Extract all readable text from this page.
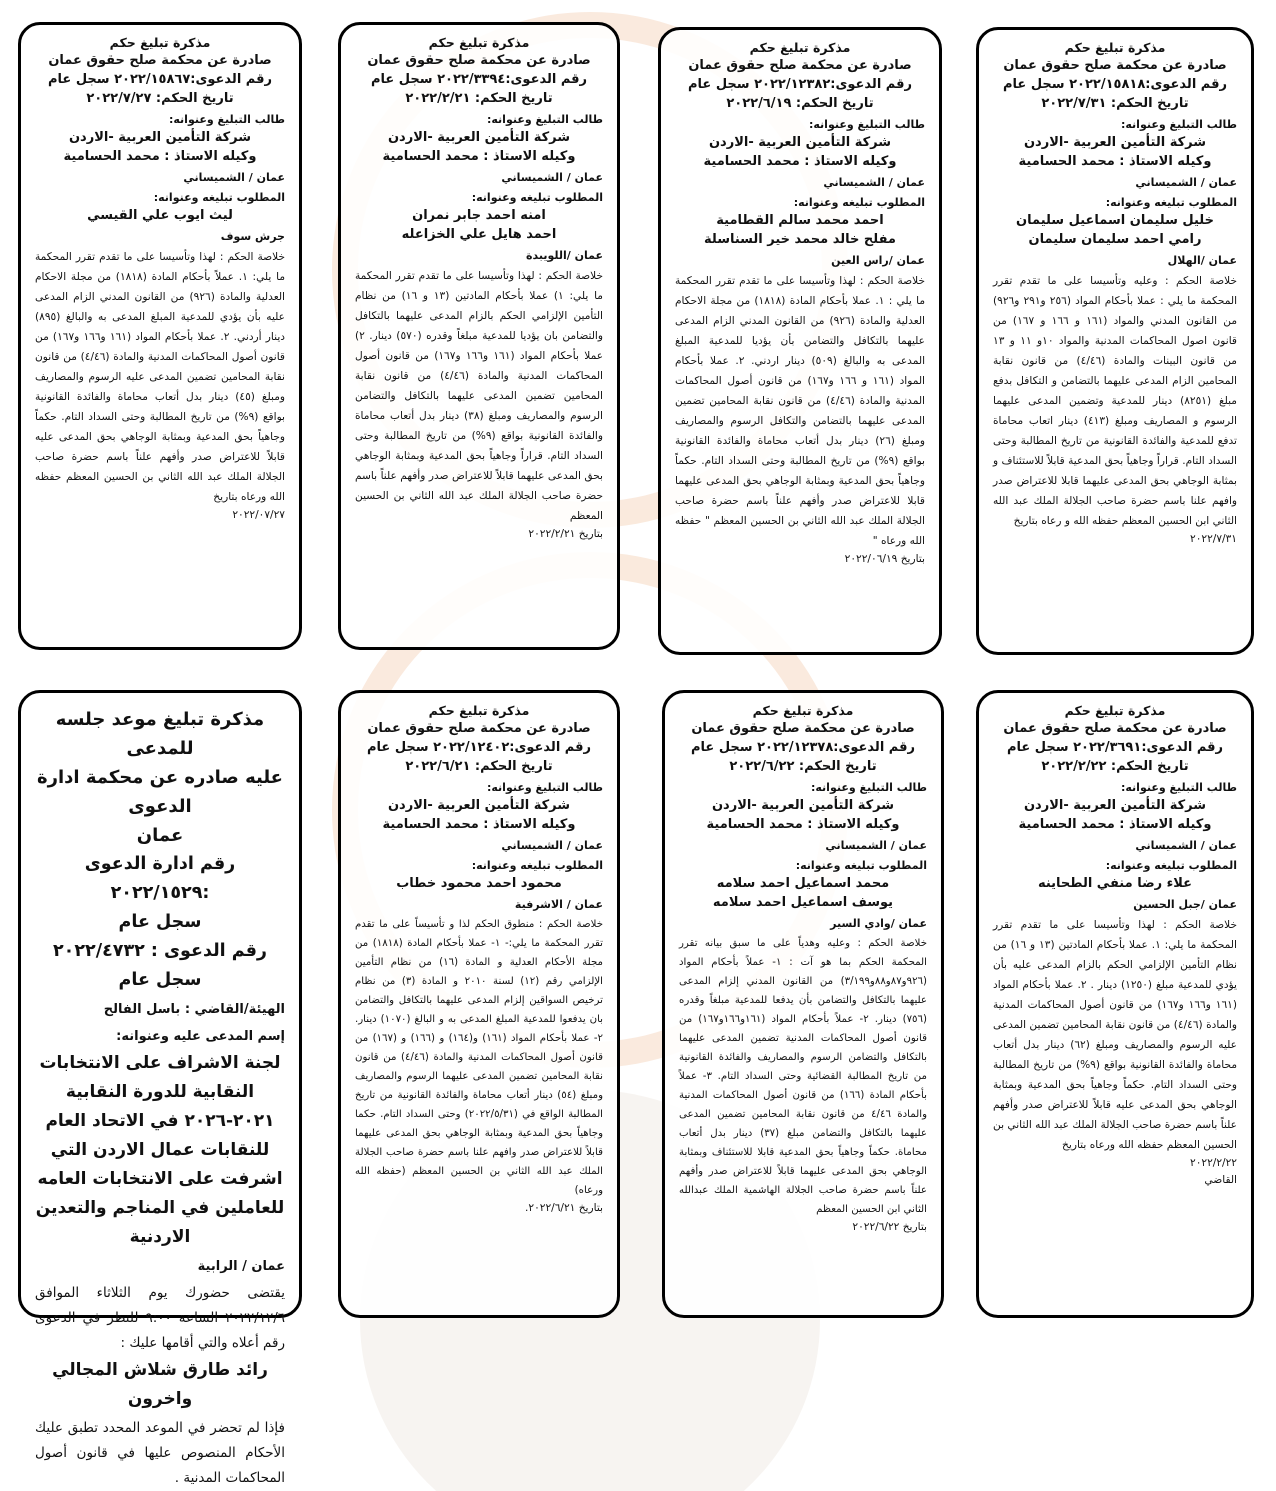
مذكرة تبليغ حكم

صادرة عن محكمة صلح حقوق عمان

رقم الدعوى:٢٠٢٢/١٥٨١٨ سجل عام

تاريخ الحكم: ٢٠٢٢/٧/٣١

طالب التبليغ وعنوانه:

شركة التأمين العربية -الاردن

وكيله الاستاذ : محمد الحسامية

عمان / الشميساني

المطلوب تبليغه وعنوانه:

خليل سليمان اسماعيل سليمان

رامي احمد سليمان سليمان

عمان /الهلال

خلاصة الحكم : وعليه وتأسيسا على ما تقدم تقرر المحكمة ما يلي : عملا بأحكام المواد (٢٥٦ و٢٩١ و٩٢٦) من القانون المدني والمواد (١٦١ و ١٦٦ و ١٦٧) من قانون اصول المحاكمات المدنية والمواد ١٠و ١١ و ١٣ من قانون البينات والمادة (٤/٤٦) من قانون نقابة المحامين الزام المدعى عليهما بالتضامن و التكافل بدفع مبلغ (٨٢٥١) دينار للمدعية وتضمين المدعى عليهما الرسوم و المصاريف ومبلغ (٤١٣) دينار اتعاب محاماة تدفع للمدعية والفائدة القانونية من تاريخ المطالبة وحتى السداد التام. قراراً وجاهياً بحق المدعية قابلاً للاستئناف و بمثابة الوجاهي بحق المدعى عليهما قابلا للاعتراض صدر وافهم علنا باسم حضرة صاحب الجلالة الملك عبد الله الثاني ابن الحسين المعظم حفظه الله و رعاه بتاريخ

٢٠٢٢/٧/٣١

مذكرة تبليغ حكم

صادرة عن محكمة صلح حقوق عمان

رقم الدعوى:٢٠٢٢/١٢٣٨٢ سجل عام

تاريخ الحكم: ٢٠٢٢/٦/١٩

طالب التبليغ وعنوانه:

شركة التأمين العربية -الاردن

وكيله الاستاذ : محمد الحسامية

عمان / الشميساني

المطلوب تبليغه وعنوانه:

احمد محمد سالم القطامية

مفلح خالد محمد خير السناسلة

عمان /راس العين

خلاصة الحكم : لهذا وتأسيسا على ما تقدم تقرر المحكمة ما يلي : ١. عملا بأحكام المادة (١٨١٨) من مجلة الاحكام العدلية والمادة (٩٢٦) من القانون المدني الزام المدعى عليهما بالتكافل والتضامن بأن يؤديا للمدعية المبلغ المدعى به والبالغ (٥٠٩) دينار اردني. ٢. عملا بأحكام المواد (١٦١ و ١٦٦ و١٦٧) من قانون أصول المحاكمات المدنية والمادة (٤/٤٦) من قانون نقابة المحامين تضمين المدعى عليهما بالتضامن والتكافل الرسوم والمصاريف ومبلغ (٢٦) دينار بدل أتعاب محاماة والفائدة القانونية بواقع (٩%) من تاريخ المطالبة وحتى السداد التام. حكماً وجاهياً بحق المدعية وبمثابة الوجاهي بحق المدعى عليهما قابلا للاعتراض صدر وأفهم علناً باسم حضرة صاحب الجلالة الملك عبد الله الثاني بن الحسين المعظم " حفظه الله ورعاه "

بتاريخ ٢٠٢٢/٠٦/١٩

مذكرة تبليغ حكم

صادرة عن محكمة صلح حقوق عمان

رقم الدعوى:٢٠٢٢/٣٣٩٤ سجل عام

تاريخ الحكم: ٢٠٢٢/٢/٢١

طالب التبليغ وعنوانه:

شركة التأمين العربية -الاردن

وكيله الاستاذ : محمد الحسامية

عمان / الشميساني

المطلوب تبليغه وعنوانه:

امنه احمد جابر نمران

احمد هايل علي الخزاعله

عمان /اللويبدة

خلاصة الحكم : لهذا وتأسيسا على ما تقدم تقرر المحكمة ما يلي: ١) عملا بأحكام المادتين (١٣ و ١٦) من نظام التأمين الإلزامي الحكم بالزام المدعى عليهما بالتكافل والتضامن بان يؤديا للمدعية مبلغاً وقدره (٥٧٠) دينار. ٢) عملا بأحكام المواد (١٦١ و١٦٦ و١٦٧) من قانون أصول المحاكمات المدنية والمادة (٤/٤٦) من قانون نقابة المحامين تضمين المدعى عليهما بالتكافل والتضامن الرسوم والمصاريف ومبلغ (٣٨) دينار بدل أتعاب محاماة والفائدة القانونية بواقع (٩%) من تاريخ المطالبة وحتى السداد التام. قراراً وجاهياً بحق المدعية وبمثابة الوجاهي بحق المدعى عليهما قابلاً للاعتراض صدر وأفهم علناً باسم حضرة صاحب الجلالة الملك عبد الله الثاني بن الحسين المعظم

بتاريخ ٢٠٢٢/٢/٢١

مذكرة تبليغ حكم

صادرة عن محكمة صلح حقوق عمان

رقم الدعوى:٢٠٢٢/١٥٨٦٧ سجل عام

تاريخ الحكم: ٢٠٢٢/٧/٢٧

طالب التبليغ وعنوانه:

شركة التأمين العربية -الاردن

وكيله الاستاذ : محمد الحسامية

عمان / الشميساني

المطلوب تبليغه وعنوانه:

ليث ايوب علي القيسي

جرش سوف

خلاصة الحكم : لهذا وتأسيسا على ما تقدم تقرر المحكمة ما يلي: ١. عملاً بأحكام المادة (١٨١٨) من مجلة الاحكام العدلية والمادة (٩٢٦) من القانون المدني الزام المدعى عليه بأن يؤدي للمدعية المبلغ المدعى به والبالغ (٨٩٥) دينار أردني. ٢. عملا بأحكام المواد (١٦١ و١٦٦ و١٦٧) من قانون أصول المحاكمات المدنية والمادة (٤/٤٦) من قانون نقابة المحامين تضمين المدعى عليه الرسوم والمصاريف ومبلغ (٤٥) دينار بدل أتعاب محاماة والفائدة القانونية بواقع (٩%) من تاريخ المطالبة وحتى السداد التام. حكماً وجاهياً بحق المدعية وبمثابة الوجاهي بحق المدعى عليه قابلاً للاعتراض صدر وأفهم علناً باسم حضرة صاحب الجلالة الملك عبد الله الثاني بن الحسين المعظم حفظه الله ورعاه بتاريخ

٢٠٢٢/٠٧/٢٧

مذكرة تبليغ حكم

صادرة عن محكمة صلح حقوق عمان

رقم الدعوى:٢٠٢٢/٣٦٩١ سجل عام

تاريخ الحكم: ٢٠٢٢/٢/٢٢

طالب التبليغ وعنوانه:

شركة التأمين العربية -الاردن

وكيله الاستاذ : محمد الحسامية

عمان / الشميساني

المطلوب تبليغه وعنوانه:

علاء رضا منفي الطحاينه

عمان /جبل الحسين

خلاصة الحكم : لهذا وتأسيسا على ما تقدم تقرر المحكمة ما يلي: ١. عملا بأحكام المادتين (١٣ و ١٦) من نظام التأمين الإلزامي الحكم بالزام المدعى عليه بأن يؤدي للمدعية مبلغ (١٢٥٠) دينار . ٢. عملا بأحكام المواد (١٦١ و١٦٦ و١٦٧) من قانون أصول المحاكمات المدنية والمادة (٤/٤٦) من قانون نقابة المحامين تضمين المدعى عليه الرسوم والمصاريف ومبلغ (٦٢) دينار بدل أتعاب محاماة والفائدة القانونية بواقع (٩%) من تاريخ المطالبة وحتى السداد التام. حكماً وجاهياً بحق المدعية وبمثابة الوجاهي بحق المدعى عليه قابلاً للاعتراض صدر وأفهم علناً باسم حضرة صاحب الجلالة الملك عبد الله الثاني بن الحسين المعظم حفظه الله ورعاه بتاريخ

٢٠٢٢/٢/٢٢

القاضي

مذكرة تبليغ حكم

صادرة عن محكمة صلح حقوق عمان

رقم الدعوى:٢٠٢٢/١٢٣٧٨ سجل عام

تاريخ الحكم: ٢٠٢٢/٦/٢٢

طالب التبليغ وعنوانه:

شركة التأمين العربية -الاردن

وكيله الاستاذ : محمد الحسامية

عمان / الشميساني

المطلوب تبليغه وعنوانه:

محمد اسماعيل احمد سلامه

يوسف اسماعيل احمد سلامه

عمان /وادي السير

خلاصة الحكم : وعليه وهدياً على ما سبق بيانه تقرر المحكمة الحكم بما هو آت : ١- عملاً بأحكام المواد (٩٢٦و٨٧و٨٨و٣/١٩٩) من القانون المدني إلزام المدعى عليهما بالتكافل والتضامن بأن يدفعا للمدعية مبلغاً وقدره (٧٥٦) دينار. ٢- عملاً بأحكام المواد (١٦١و١٦٦و١٦٧) من قانون أصول المحاكمات المدنية تضمين المدعى عليهما بالتكافل والتضامن الرسوم والمصاريف والفائدة القانونية من تاريخ المطالبة القضائية وحتى السداد التام. ٣- عملاً بأحكام المادة (١٦٦) من قانون أصول المحاكمات المدنية والمادة ٤/٤٦ من قانون نقابة المحامين تضمين المدعى عليهما بالتكافل والتضامن مبلغ (٣٧) دينار بدل أتعاب محاماة. حكماً وجاهياً بحق المدعية قابلا للاستئناف وبمثابة الوجاهي بحق المدعى عليهما قابلاً للاعتراض صدر وأفهم علناً باسم حضرة صاحب الجلالة الهاشمية الملك عبدالله الثاني ابن الحسين المعظم

بتاريخ ٢٠٢٢/٦/٢٢

مذكرة تبليغ حكم

صادرة عن محكمة صلح حقوق عمان

رقم الدعوى:٢٠٢٢/١٢٤٠٢ سجل عام

تاريخ الحكم: ٢٠٢٢/٦/٢١

طالب التبليغ وعنوانه:

شركة التأمين العربية -الاردن

وكيله الاستاذ : محمد الحسامية

عمان / الشميساني

المطلوب تبليغه وعنوانه:

محمود احمد محمود خطاب

عمان / الاشرفية

خلاصة الحكم : منطوق الحكم لذا و تأسيساً على ما تقدم تقرر المحكمة ما يلي:- ١- عملا بأحكام المادة (١٨١٨) من مجلة الأحكام العدلية و المادة (١٦) من نظام التأمين الإلزامي رقم (١٢) لسنة ٢٠١٠ و المادة (٣) من نظام ترخيص السواقين إلزام المدعى عليهما بالتكافل والتضامن بان يدفعوا للمدعية المبلغ المدعى به و البالغ (١٠٧٠) دينار. ٢- عملا بأحكام المواد (١٦١) و(١٦٤) و (١٦٦) و (١٦٧) من قانون أصول المحاكمات المدنية والمادة (٤/٤٦) من قانون نقابة المحامين تضمين المدعى عليهما الرسوم والمصاريف ومبلغ (٥٤) دينار أتعاب محاماة والفائدة القانونية من تاريخ المطالبة الواقع في (٢٠٢٢/٥/٣١) وحتى السداد التام. حكما وجاهياً بحق المدعية وبمثابة الوجاهي بحق المدعى عليهما قابلاً للاعتراض صدر وافهم علنا باسم حضرة صاحب الجلالة الملك عبد الله الثاني بن الحسين المعظم (حفظه الله ورعاه)

بتاريخ ٢٠٢٢/٦/٢١.

مذكرة تبليغ موعد جلسه للمدعى

عليه صادره عن محكمة ادارة الدعوى

عمان

رقم ادارة الدعوى :٢٠٢٢/١٥٢٩

سجل عام

رقم الدعوى : ٢٠٢٢/٤٧٣٢ سجل عام

الهيئة/القاضي : باسل الفالح

إسم المدعى عليه وعنوانه:

لجنة الاشراف على الانتخابات النقابية للدورة النقابية ٢٠٢١-٢٠٢٦ في الاتحاد العام للنقابات عمال الاردن التي اشرفت على الانتخابات العامه للعاملين في المناجم والتعدين الاردنية

عمان / الرابية

يقتضى حضورك يوم الثلاثاء الموافق ٢٠٢٢/١٢/٦ الساعة ٩:٠٠ للنظر في الدعوى رقم أعلاه والتي أقامها عليك :

رائد طارق شلاش المجالي واخرون

فإذا لم تحضر في الموعد المحدد تطبق عليك الأحكام المنصوص عليها في قانون أصول المحاكمات المدنية .
